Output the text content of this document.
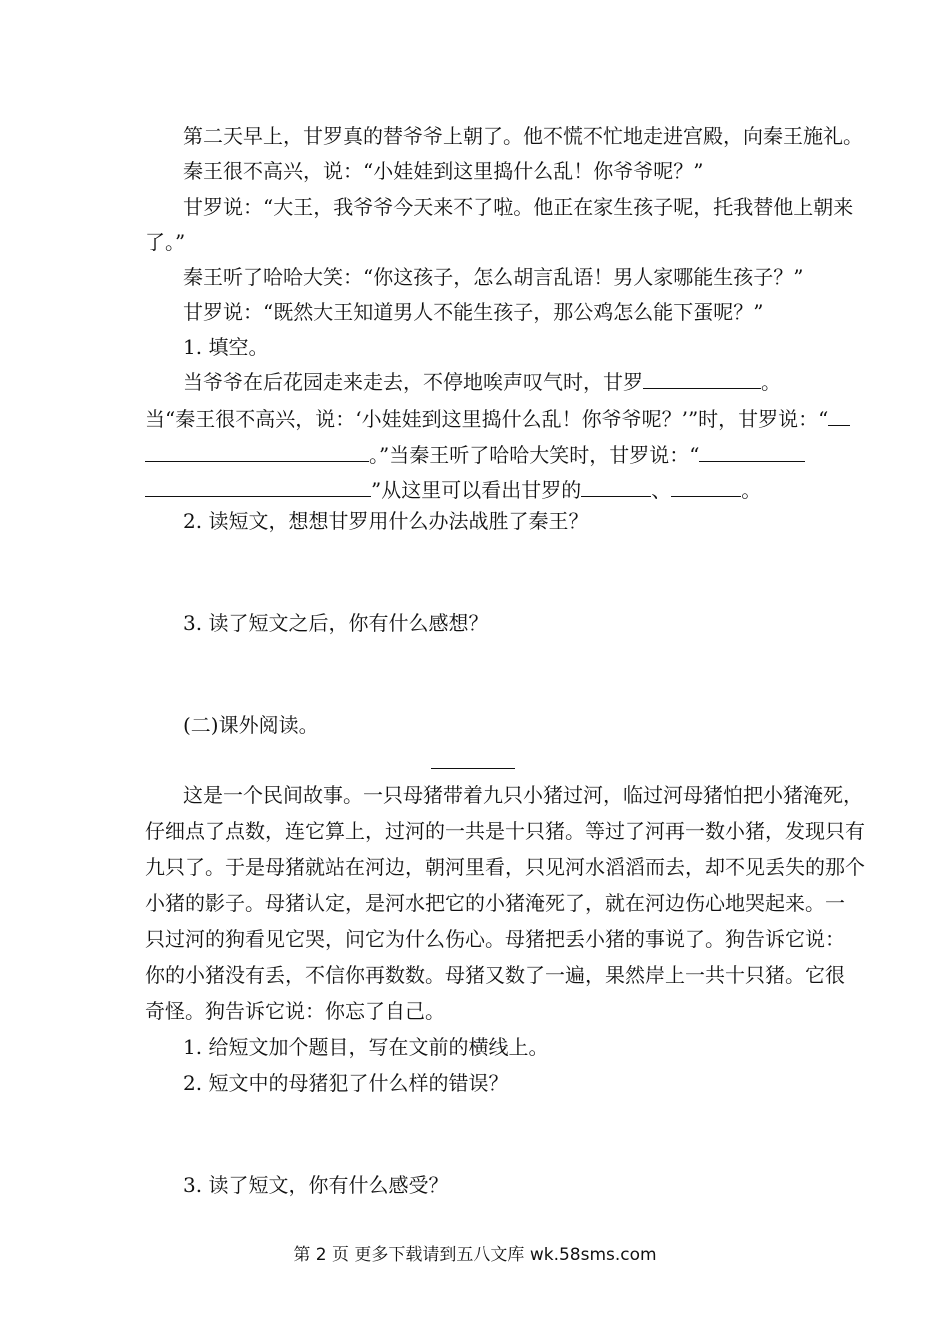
第二天早上，甘罗真的替爷爷上朝了。他不慌不忙地走进宫殿，向秦王施礼。
秦王很不高兴，说：“小娃娃到这里捣什么乱！你爷爷呢？”
甘罗说：“大王，我爷爷今天来不了啦。他正在家生孩子呢，托我替他上朝来
了。”
秦王听了哈哈大笑：“你这孩子，怎么胡言乱语！男人家哪能生孩子？”
甘罗说：“既然大王知道男人不能生孩子，那公鸡怎么能下蛋呢？”
1. 填空。
当爷爷在后花园走来走去，不停地唉声叹气时，甘罗	。
当“秦王很不高兴，说：‘小娃娃到这里捣什么乱！你爷爷呢？’”时，甘罗说：“
。”当秦王听了哈哈大笑时，甘罗说：“
”从这里可以看出甘罗的	、	。
2. 读短文，想想甘罗用什么办法战胜了秦王？
3. 读了短文之后，你有什么感想？
(二)课外阅读。
这是一个民间故事。一只母猪带着九只小猪过河，临过河母猪怕把小猪淹死，
仔细点了点数，连它算上，过河的一共是十只猪。等过了河再一数小猪，发现只有
九只了。于是母猪就站在河边，朝河里看，只见河水滔滔而去，却不见丢失的那个
小猪的影子。母猪认定，是河水把它的小猪淹死了，就在河边伤心地哭起来。一
只过河的狗看见它哭，问它为什么伤心。母猪把丢小猪的事说了。狗告诉它说：
你的小猪没有丢，不信你再数数。母猪又数了一遍，果然岸上一共十只猪。它很
奇怪。狗告诉它说：你忘了自己。
1. 给短文加个题目，写在文前的横线上。
2. 短文中的母猪犯了什么样的错误？
3. 读了短文，你有什么感受？
第 2 页 更多下载请到五八文库 wk.58sms.com
